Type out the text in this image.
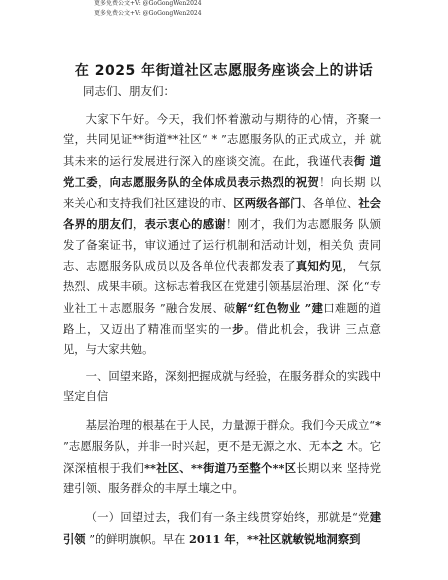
更多免费公文+V: @GoGongWen2024
更多免费公文+V: @GoGongWen2024
在 2025 年街道社区志愿服务座谈会上的讲话
同志们、朋友们：

大家下午好。今天，我们怀着激动与期待的心情，齐聚一堂，共同见证**街道**社区“ * ”志愿服务队的正式成立，并 就其未来的运行发展进行深入的座谈交流。在此，我谨代表街 道党工委，向志愿服务队的全体成员表示热烈的祝贺！向长期 以来关心和支持我们社区建设的市、区两级各部门、各单位、社会各界的朋友们，表示衷心的感谢！刚才，我们为志愿服务 队颁发了备案证书，审议通过了运行机制和活动计划，相关负 责同志、志愿服务队成员以及各单位代表都发表了真知灼见， 气氛热烈、成果丰硕。这标志着我区在党建引领基层治理、深 化“专业社工＋志愿服务 ”融合发展、破解“红色物业 ”建口难题的道路上，又迈出了精准而坚实的一步。借此机会，我讲 三点意见，与大家共勉。

一、回望来路，深刻把握成就与经验，在服务群众的实践中坚定自信

基层治理的根基在于人民，力量源于群众。我们今天成立“* ”志愿服务队，并非一时兴起，更不是无源之水、无本之 木。它深深植根于我们**社区、**街道乃至整个**区长期以来 坚持党建引领、服务群众的丰厚土壤之中。

（一）回望过去，我们有一条主线贯穿始终，那就是“党建引领 ”的鲜明旗帜。早在 2011 年，**社区就敏锐地洞察到
